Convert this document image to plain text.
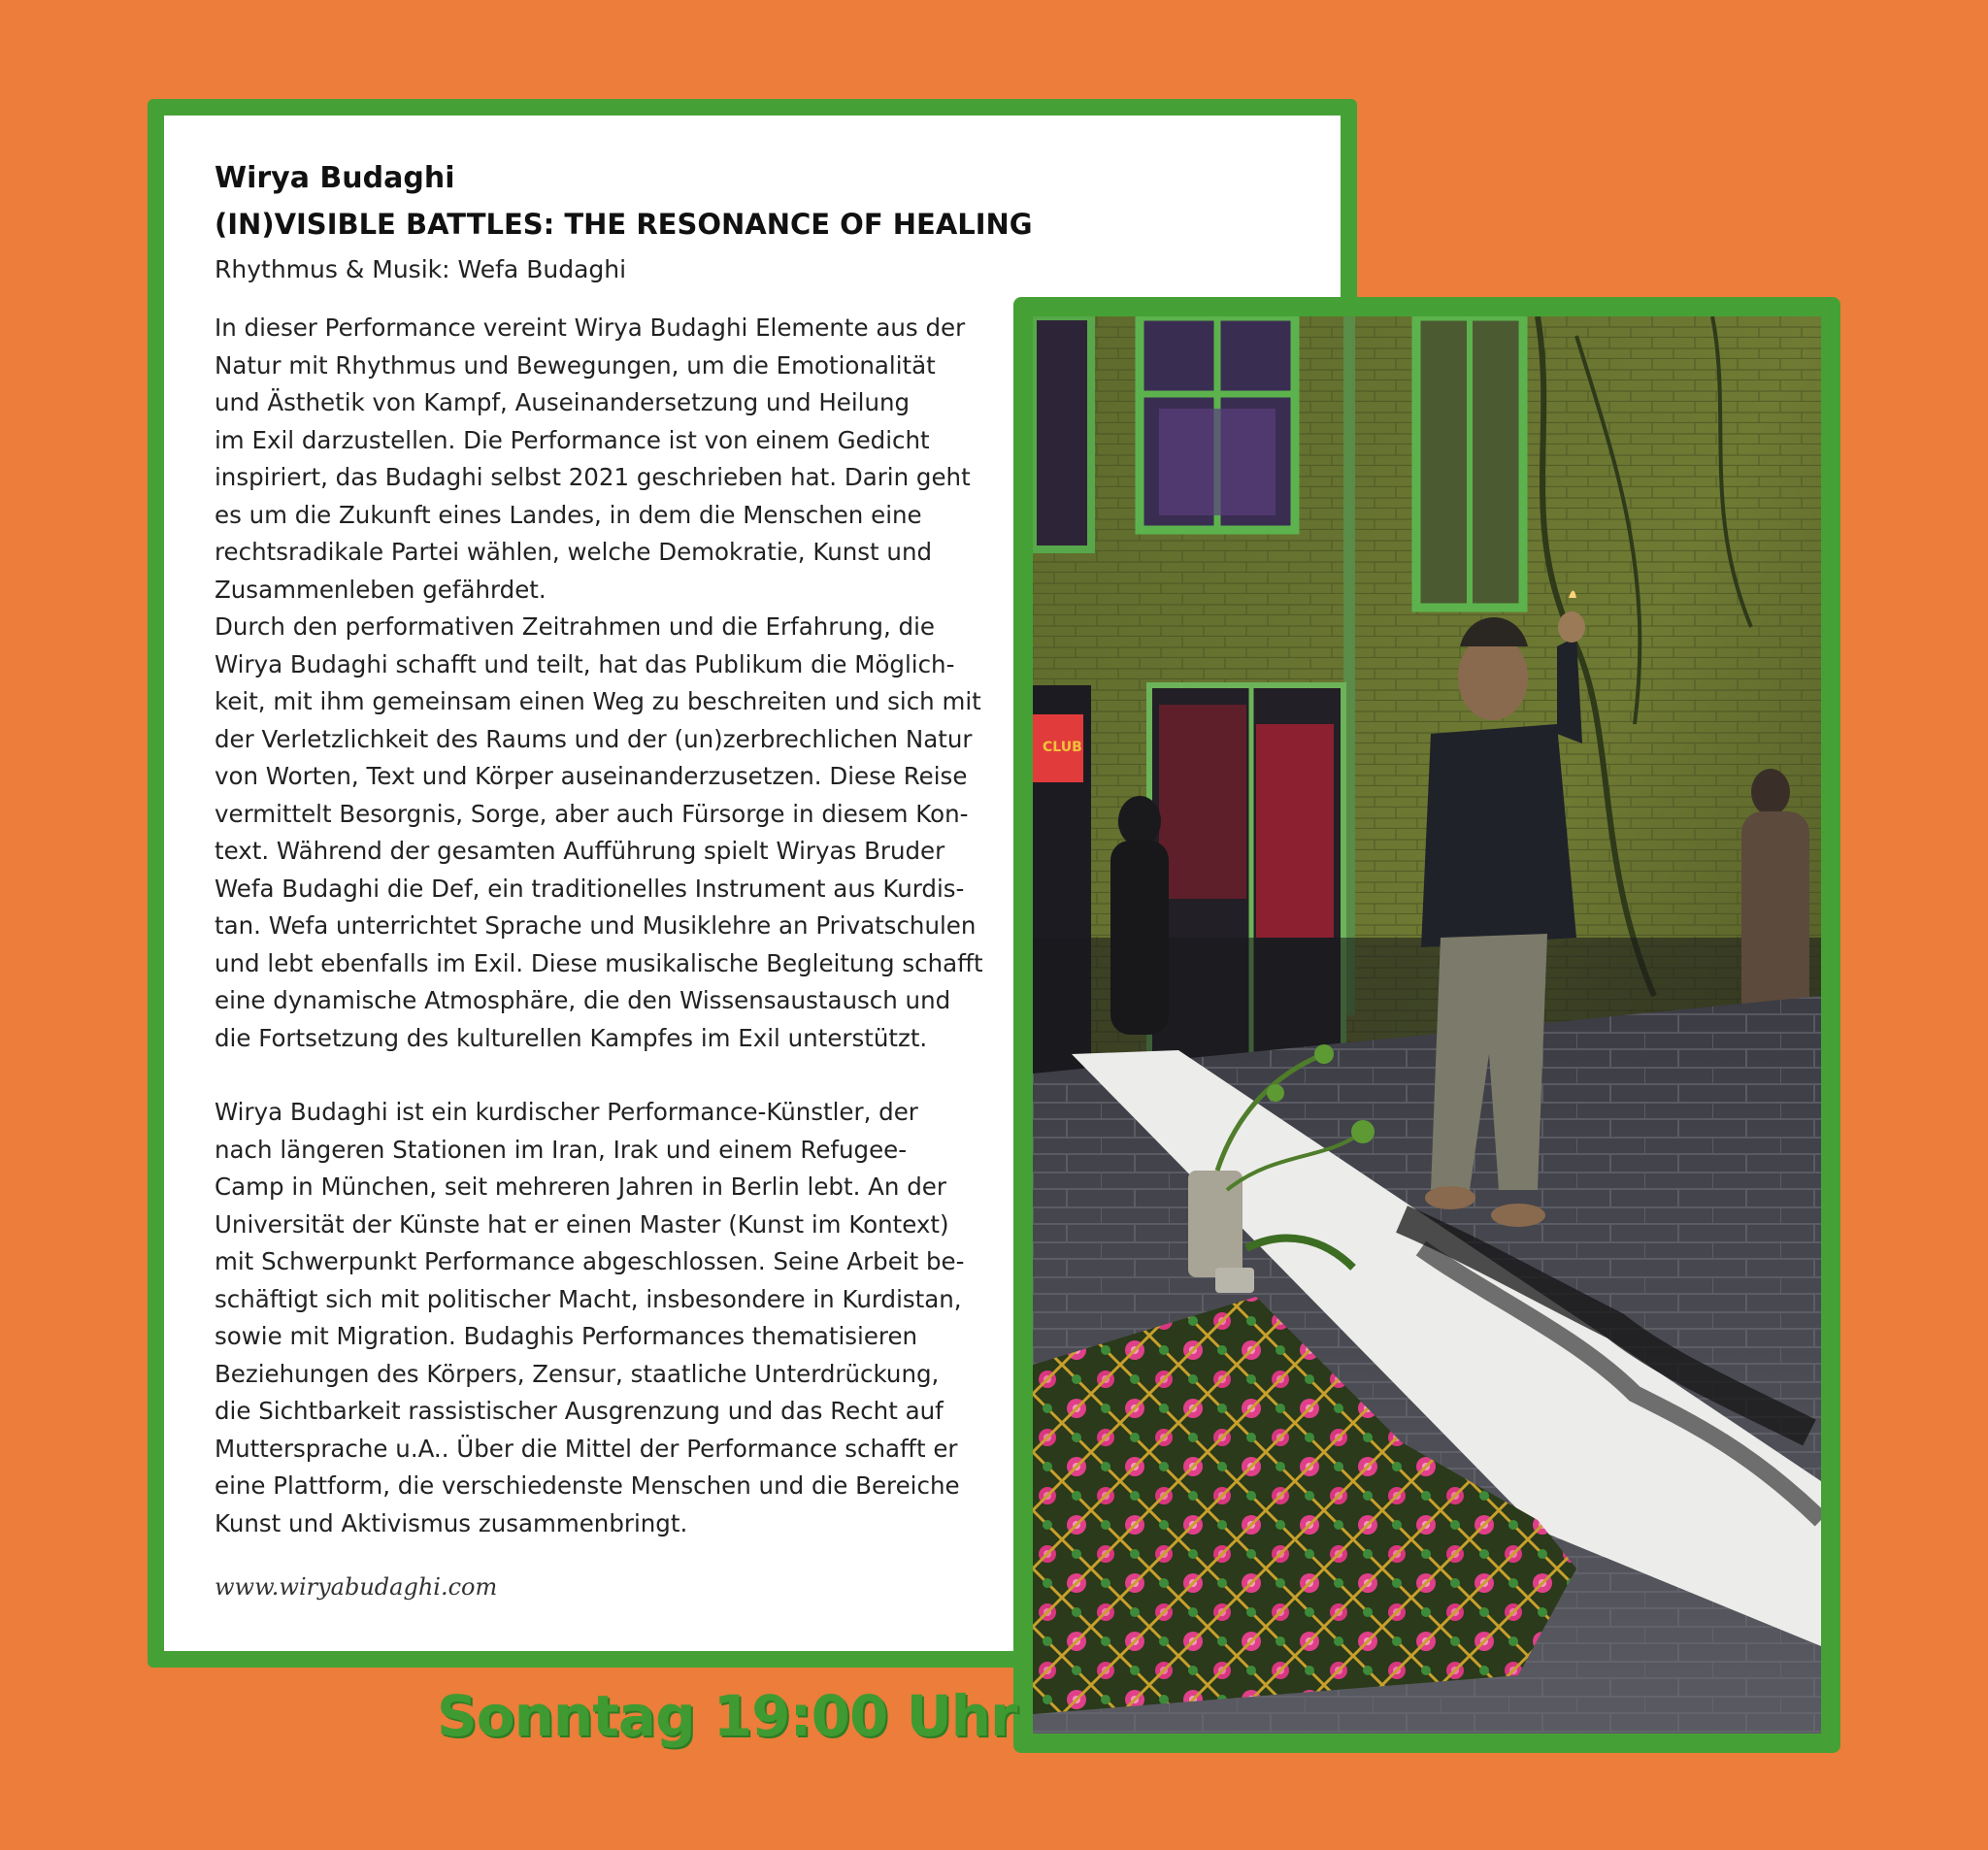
Wirya Budaghi
(IN)VISIBLE BATTLES: THE RESONANCE OF HEALING

Rhythmus & Musik: Wefa Budaghi

In dieser Performance vereint Wirya Budaghi Elemente aus der
Natur mit Rhythmus und Bewegungen, um die Emotionalität
und Ästhetik von Kampf, Auseinandersetzung und Heilung
im Exil darzustellen. Die Performance ist von einem Gedicht
inspiriert, das Budaghi selbst 2021 geschrieben hat. Darin geht
es um die Zukunft eines Landes, in dem die Menschen eine
rechtsradikale Partei wählen, welche Demokratie, Kunst und
Zusammenleben gefährdet.
Durch den performativen Zeitrahmen und die Erfahrung, die
Wirya Budaghi schafft und teilt, hat das Publikum die Möglich-
keit, mit ihm gemeinsam einen Weg zu beschreiten und sich mit
der Verletzlichkeit des Raums und der (un)zerbrechlichen Natur
von Worten, Text und Körper auseinanderzusetzen. Diese Reise
vermittelt Besorgnis, Sorge, aber auch Fürsorge in diesem Kon-
text. Während der gesamten Aufführung spielt Wiryas Bruder
Wefa Budaghi die Def, ein traditionelles Instrument aus Kurdis-
tan. Wefa unterrichtet Sprache und Musiklehre an Privatschulen
und lebt ebenfalls im Exil. Diese musikalische Begleitung schafft
eine dynamische Atmosphäre, die den Wissensaustausch und
die Fortsetzung des kulturellen Kampfes im Exil unterstützt.

Wirya Budaghi ist ein kurdischer Performance-Künstler, der
nach längeren Stationen im Iran, Irak und einem Refugee-
Camp in München, seit mehreren Jahren in Berlin lebt. An der
Universität der Künste hat er einen Master (Kunst im Kontext)
mit Schwerpunkt Performance abgeschlossen. Seine Arbeit be-
schäftigt sich mit politischer Macht, insbesondere in Kurdistan,
sowie mit Migration. Budaghis Performances thematisieren
Beziehungen des Körpers, Zensur, staatliche Unterdrückung,
die Sichtbarkeit rassistischer Ausgrenzung und das Recht auf
Muttersprache u.A.. Über die Mittel der Performance schafft er
eine Plattform, die verschiedenste Menschen und die Bereiche
Kunst und Aktivismus zusammenbringt.

www.wiryabudaghi.com

CLUB

Sonntag 19:00 Uhr
